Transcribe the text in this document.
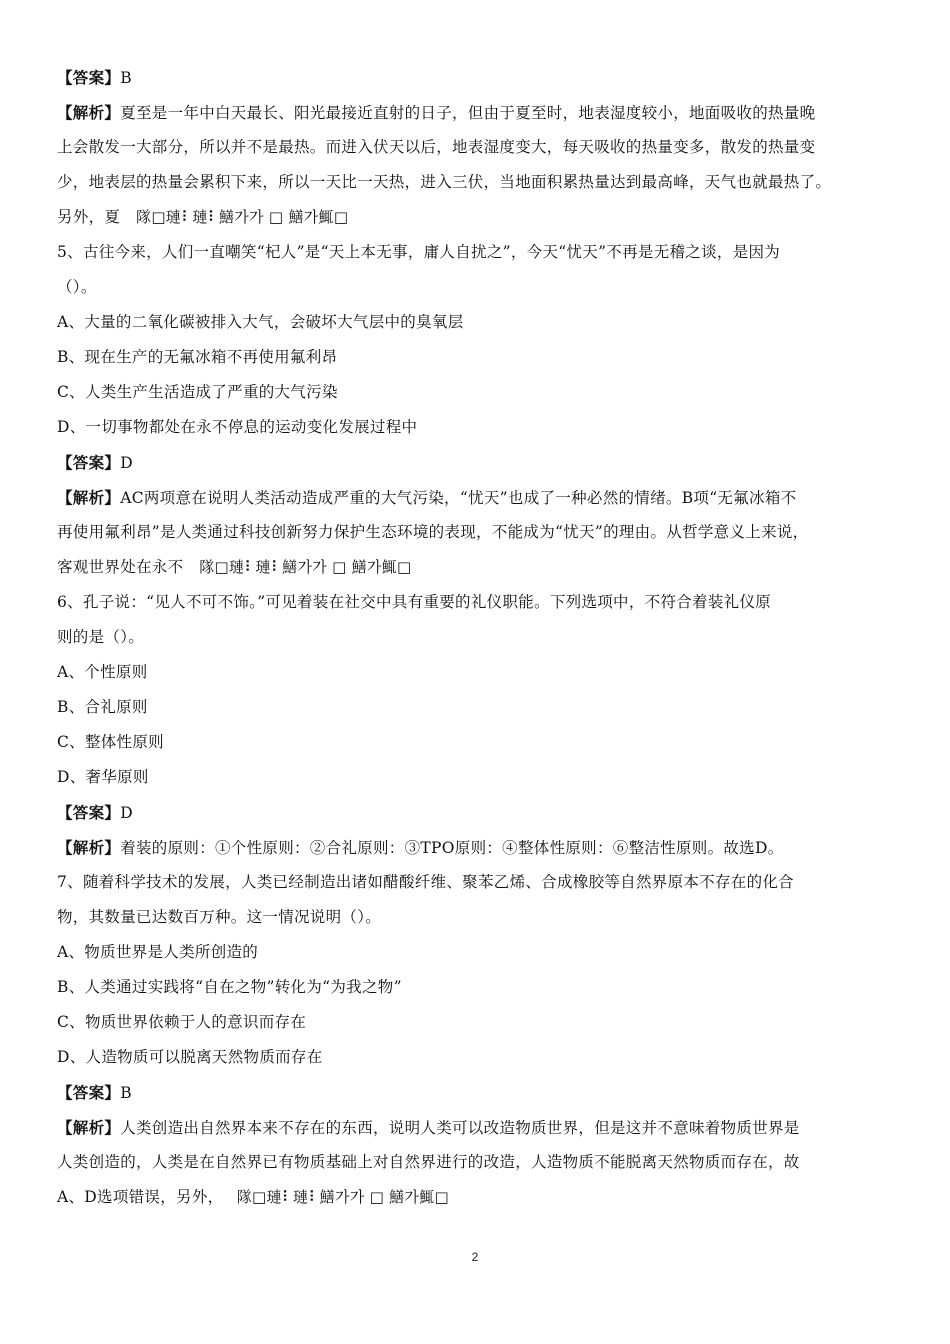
【答案】B
【解析】夏至是一年中白天最长、阳光最接近直射的日子，但由于夏至时，地表湿度较小，地面吸收的热量晚
上会散发一大部分，所以并不是最热。而进入伏天以后，地表湿度变大，每天吸收的热量变多，散发的热量变
少，地表层的热量会累积下来，所以一天比一天热，进入三伏，当地面积累热量达到最高峰，天气也就最热了。
另外，夏　隊□璉⠇璉⠇鱔가가 □ 鱔가鮿□
5、古往今来，人们一直嘲笑“杞人”是“天上本无事，庸人自扰之”，今天“忧天”不再是无稽之谈，是因为
（）。
A、大量的二氧化碳被排入大气，会破坏大气层中的臭氧层
B、现在生产的无氟冰箱不再使用氟利昂
C、人类生产生活造成了严重的大气污染
D、一切事物都处在永不停息的运动变化发展过程中
【答案】D
【解析】AC两项意在说明人类活动造成严重的大气污染，“忧天”也成了一种必然的情绪。B项“无氟冰箱不
再使用氟利昂”是人类通过科技创新努力保护生态环境的表现，不能成为“忧天”的理由。从哲学意义上来说，
客观世界处在永不　隊□璉⠇璉⠇鱔가가 □ 鱔가鮿□
6、孔子说：“见人不可不饰。”可见着装在社交中具有重要的礼仪职能。下列选项中，不符合着装礼仪原
则的是（）。
A、个性原则
B、合礼原则
C、整体性原则
D、奢华原则
【答案】D
【解析】着装的原则：①个性原则：②合礼原则：③TPO原则：④整体性原则：⑥整洁性原则。故选D。
7、随着科学技术的发展，人类已经制造出诸如醋酸纤维、聚苯乙烯、合成橡胶等自然界原本不存在的化合
物，其数量已达数百万种。这一情况说明（）。
A、物质世界是人类所创造的
B、人类通过实践将“自在之物”转化为“为我之物”
C、物质世界依赖于人的意识而存在
D、人造物质可以脱离天然物质而存在
【答案】B
【解析】人类创造出自然界本来不存在的东西，说明人类可以改造物质世界，但是这并不意味着物质世界是
人类创造的，人类是在自然界已有物质基础上对自然界进行的改造，人造物质不能脱离天然物质而存在，故
A、D选项错误，另外，　 隊□璉⠇璉⠇鱔가가 □ 鱔가鮿□
2
